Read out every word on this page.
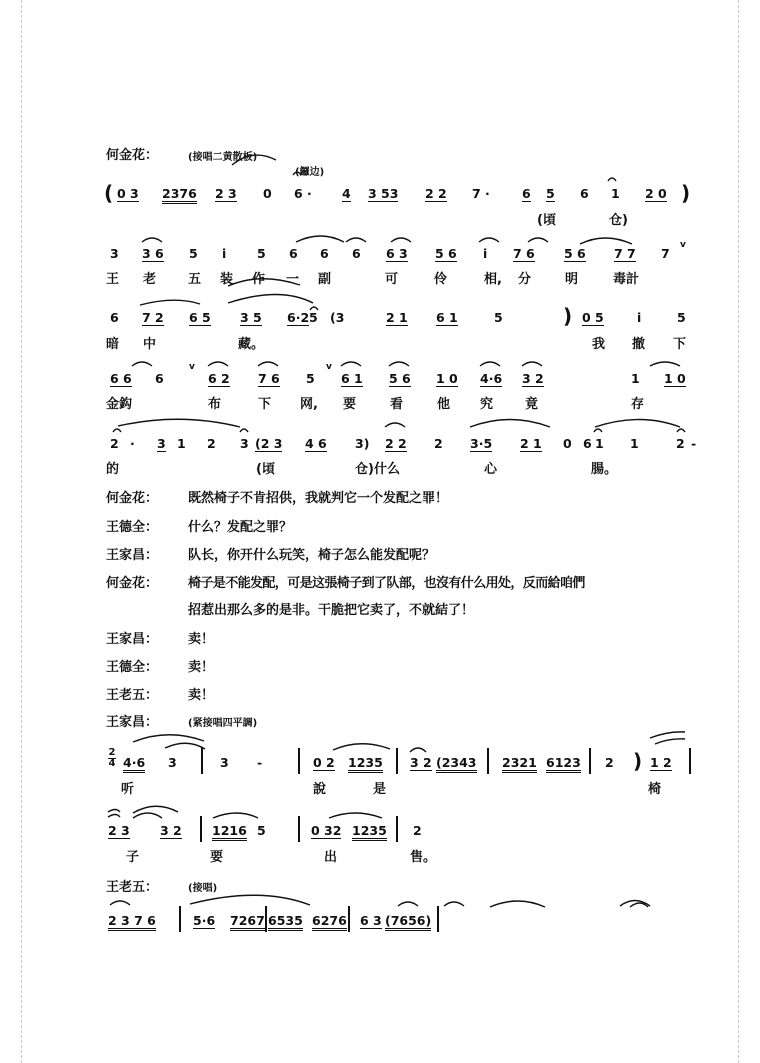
何金花：	(接唱二黄散板)
(鑼边)
( 0 3 2376 2 3 0 6 · 4 3 53 2 2 7 ·	6 5 6 1 2 0 )
(頃	仓)
3 3 6 5 i 5 6 6 6 6 3 5 6 i 7 6 5 6 7 7 7
v
王 老 五 装 作 一 副	可	伶	相, 分	明	毒計
6 7 2 6 5 3 5 6·2 5 (3	2 1 6 1	5	) 0 5	i	5
暗 中	藏。	我 撤 下
6 6 6
v
6 2 7 6 5
v
6 1 5 6 1 0 4·6 3 2	1 1 0
金鈎	布	下 网, 要	看	他 究 竟	存
2 · 3 1 2 3 (2 3 4 6 3) 2 2 2 3·5 2 1 0 6 1 1	2 -
的	(頃	仓)什么	心	腸。
何金花： 既然椅子不肯招供，我就判它一个发配之罪！
王德全： 什么？发配之罪？
王家昌： 队长，你开什么玩笑，椅子怎么能发配呢？
何金花： 椅子是不能发配，可是这張椅子到了队部，也沒有什么用处，反而給咱們
招惹出那么多的是非。干脆把它卖了，不就結了！
王家昌： 卖！
王德全： 卖！
王老五： 卖！
王家昌：	(紧接唱四平調)
2
4 4·6 3	3 -	0 2 1235 3 2 (2343 2321 6123 2 ) 1 2
听	說	是	椅
2 3 3 2 1216 5	0 32 1235 2
子	要	出	售。
王老五：	(接唱)
2 3 7 6	5·6 7267 6535 6276 6 3 (7656)
